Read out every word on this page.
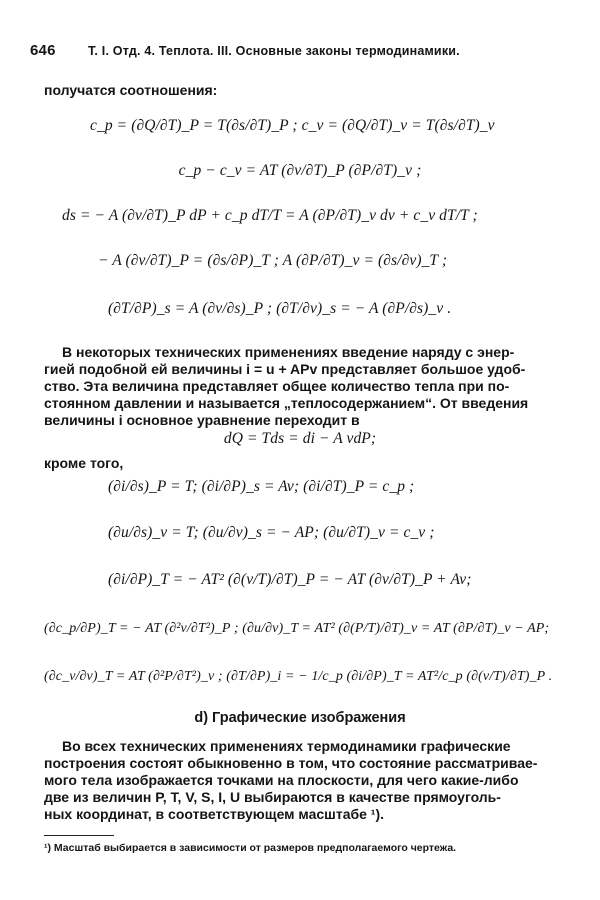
646	Т. I. Отд. 4. Теплота. III. Основные законы термодинамики.
получатся соотношения:
c_p = (∂Q/∂T)_P = T(∂s/∂T)_P ; c_v = (∂Q/∂T)_v = T(∂s/∂T)_v
c_p − c_v = AT (∂v/∂T)_P (∂P/∂T)_v ;
ds = − A (∂v/∂T)_P dP + c_p dT/T = A (∂P/∂T)_v dv + c_v dT/T ;
− A (∂v/∂T)_P = (∂s/∂P)_T ; A (∂P/∂T)_v = (∂s/∂v)_T ;
(∂T/∂P)_s = A (∂v/∂s)_P ; (∂T/∂v)_s = − A (∂P/∂s)_v .
В некоторых технических применениях введение наряду с энер-
гией подобной ей величины i = u + APv представляет большое удоб-
ство. Эта величина представляет общее количество тепла при по-
стоянном давлении и называется „теплосодержанием“. От введения
величины i основное уравнение переходит в
dQ = Tds = di − A vdP;
кроме того,
(∂i/∂s)_P = T; (∂i/∂P)_s = Av; (∂i/∂T)_P = c_p ;
(∂u/∂s)_v = T; (∂u/∂v)_s = − AP; (∂u/∂T)_v = c_v ;
(∂i/∂P)_T = − AT² (∂(v/T)/∂T)_P = − AT (∂v/∂T)_P + Av;
(∂c_p/∂P)_T = − AT (∂²v/∂T²)_P ; (∂u/∂v)_T = AT² (∂(P/T)/∂T)_v = AT (∂P/∂T)_v − AP;
(∂c_v/∂v)_T = AT (∂²P/∂T²)_v ; (∂T/∂P)_i = − 1/c_p (∂i/∂P)_T = AT²/c_p (∂(v/T)/∂T)_P .
d) Графические изображения
Во всех технических применениях термодинамики графические
построения состоят обыкновенно в том, что состояние рассматривае-
мого тела изображается точками на плоскости, для чего какие-либо
две из величин P, T, V, S, I, U выбираются в качестве прямоуголь-
ных координат, в соответствующем масштабе ¹).
¹) Масштаб выбирается в зависимости от размеров предполагаемого чертежа.
